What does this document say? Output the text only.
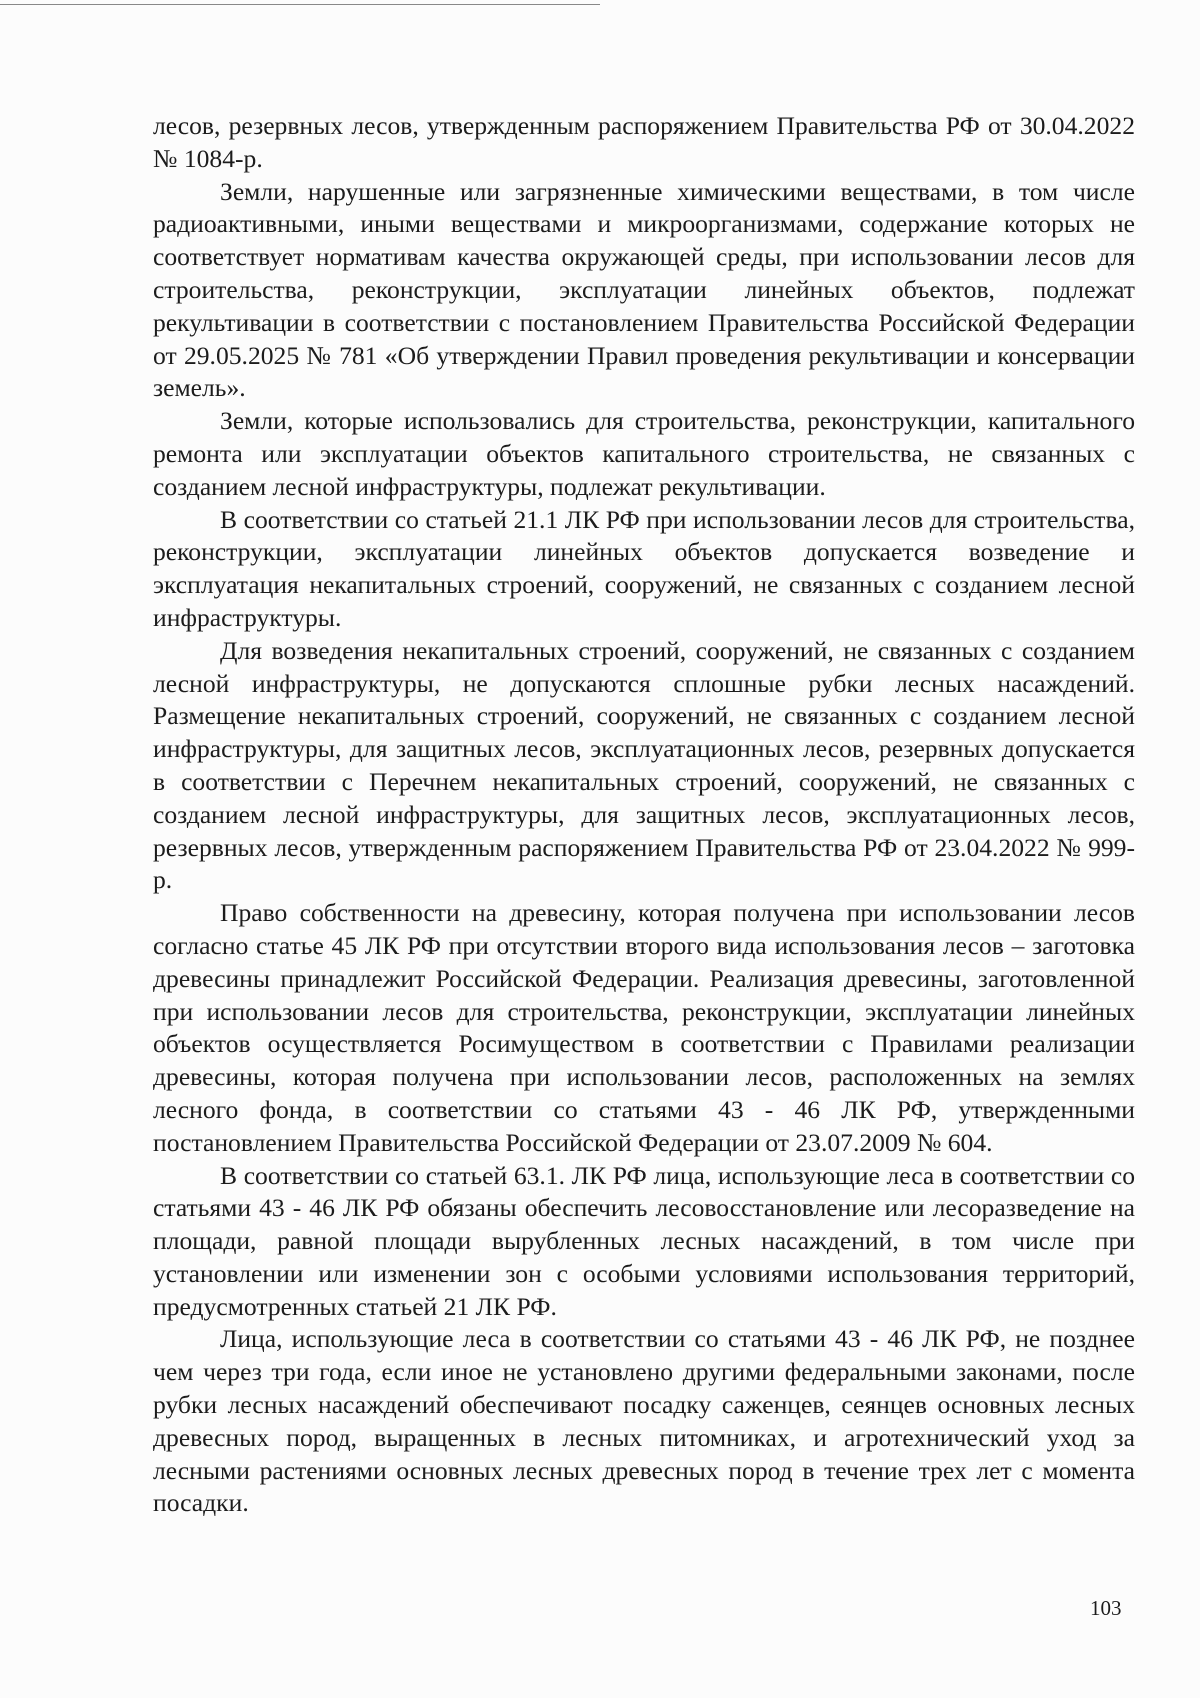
лесов, резервных лесов, утвержденным распоряжением Правительства РФ от 30.04.2022 № 1084-р.

Земли, нарушенные или загрязненные химическими веществами, в том числе радиоактивными, иными веществами и микроорганизмами, содержание которых не соответствует нормативам качества окружающей среды, при использовании лесов для строительства, реконструкции, эксплуатации линейных объектов, подлежат рекультивации в соответствии с постановлением Правительства Российской Федерации от 29.05.2025 № 781 «Об утверждении Правил проведения рекультивации и консервации земель».

Земли, которые использовались для строительства, реконструкции, капитального ремонта или эксплуатации объектов капитального строительства, не связанных с созданием лесной инфраструктуры, подлежат рекультивации.

В соответствии со статьей 21.1 ЛК РФ при использовании лесов для строительства, реконструкции, эксплуатации линейных объектов допускается возведение и эксплуатация некапитальных строений, сооружений, не связанных с созданием лесной инфраструктуры.

Для возведения некапитальных строений, сооружений, не связанных с созданием лесной инфраструктуры, не допускаются сплошные рубки лесных насаждений. Размещение некапитальных строений, сооружений, не связанных с созданием лесной инфраструктуры, для защитных лесов, эксплуатационных лесов, резервных допускается в соответствии с Перечнем некапитальных строений, сооружений, не связанных с созданием лесной инфраструктуры, для защитных лесов, эксплуатационных лесов, резервных лесов, утвержденным распоряжением Правительства РФ от 23.04.2022 № 999-р.

Право собственности на древесину, которая получена при использовании лесов согласно статье 45 ЛК РФ при отсутствии второго вида использования лесов – заготовка древесины принадлежит Российской Федерации. Реализация древесины, заготовленной при использовании лесов для строительства, реконструкции, эксплуатации линейных объектов осуществляется Росимуществом в соответствии с Правилами реализации древесины, которая получена при использовании лесов, расположенных на землях лесного фонда, в соответствии со статьями 43 - 46 ЛК РФ, утвержденными постановлением Правительства Российской Федерации от 23.07.2009 № 604.

В соответствии со статьей 63.1. ЛК РФ лица, использующие леса в соответствии со статьями 43 - 46 ЛК РФ обязаны обеспечить лесовосстановление или лесоразведение на площади, равной площади вырубленных лесных насаждений, в том числе при установлении или изменении зон с особыми условиями использования территорий, предусмотренных статьей 21 ЛК РФ.

Лица, использующие леса в соответствии со статьями 43 - 46 ЛК РФ, не позднее чем через три года, если иное не установлено другими федеральными законами, после рубки лесных насаждений обеспечивают посадку саженцев, сеянцев основных лесных древесных пород, выращенных в лесных питомниках, и агротехнический уход за лесными растениями основных лесных древесных пород в течение трех лет с момента посадки.

103
